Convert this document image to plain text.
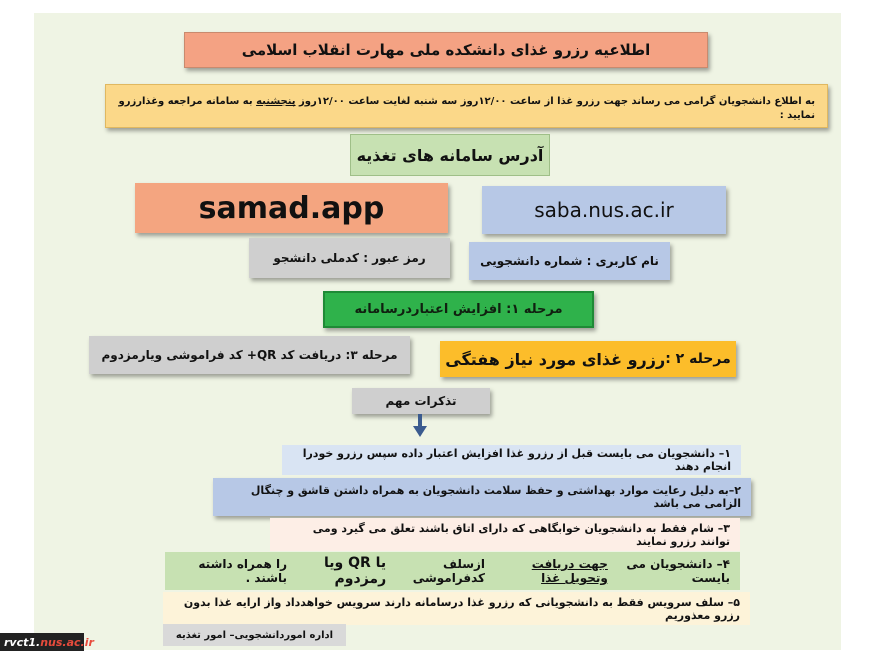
اطلاعیه رزرو غذای دانشکده ملی مهارت انقلاب اسلامی
به اطلاع دانشجویان گرامی می رساند جهت رزرو غذا از ساعت ۱۲/۰۰روز سه شنبه لغایت ساعت ۱۲/۰۰روز پنجشنبه به سامانه مراجعه وغذارزرو نمایید :
آدرس سامانه های تغذیه
samad.app	saba.nus.ac.ir
رمز عبور : کدملی دانشجو	نام کاربری : شماره دانشجویی
مرحله ۱: افزایش اعتباردرسامانه
مرحله ۳: دریافت کد QR+ کد فراموشی ویارمزدوم	مرحله ۲ :
رزرو غذای مورد نیاز هفتگی
تذکرات مهم
۱– دانشجویان می بایست قبل از رزرو غذا افزایش اعتبار داده سپس رزرو خودرا انجام دهند
۲–به دلیل رعایت موارد بهداشتی و حفظ سلامت دانشجویان به همراه داشتن قاشق و چنگال الزامی می باشد
۳– شام فقط به دانشجویان خوابگاهی که دارای اتاق باشند تعلق می گیرد ومی توانند رزرو نمایند
۴– دانشجویان می بایست
جهت دریافت وتحویل غذا
ازسلف کدفراموشی
یا QR ویا رمزدوم
را همراه داشته باشند .
۵– سلف سرویس فقط به دانشجویانی که رزرو غذا درسامانه دارند سرویس خواهدداد واز ارایه غذا بدون رزرو معذوریم
اداره اموردانشجویی– امور تغذیه
rvct1. nus.ac.ir
